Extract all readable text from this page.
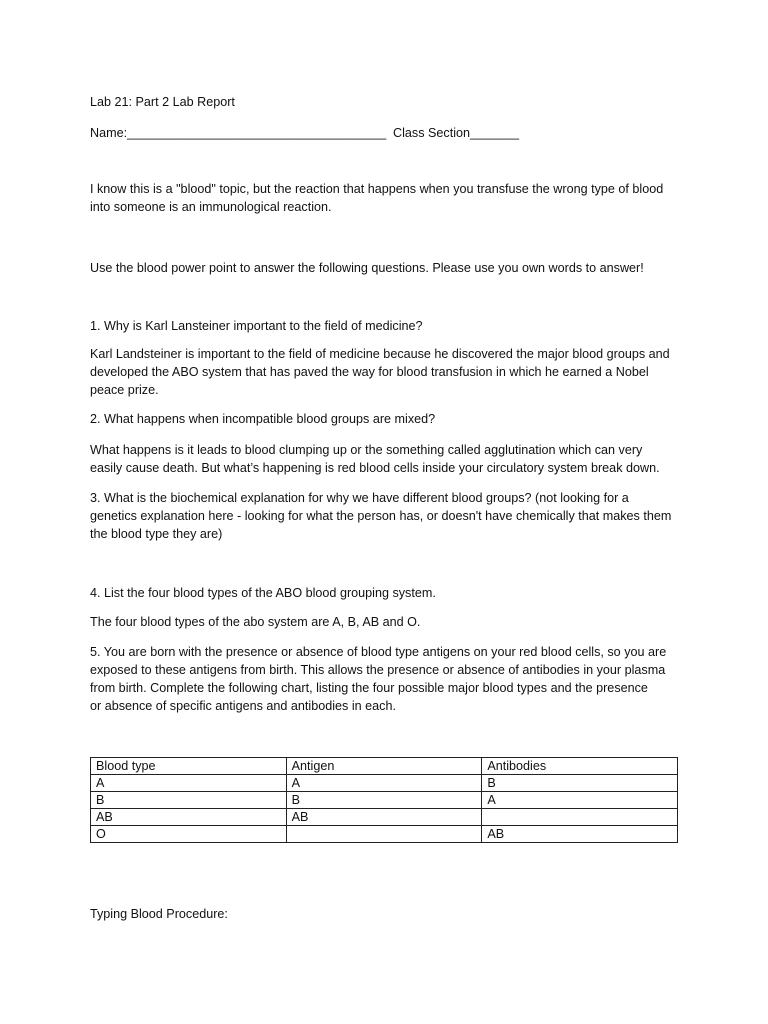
Lab 21: Part 2 Lab Report
Name:_____________________________________ Class Section_______
I know this is a "blood" topic, but the reaction that happens when you transfuse the wrong type of blood
into someone is an immunological reaction.
Use the blood power point to answer the following questions. Please use you own words to answer!
1. Why is Karl Lansteiner important to the field of medicine?
Karl Landsteiner is important to the field of medicine because he discovered the major blood groups and
developed the ABO system that has paved the way for blood transfusion in which he earned a Nobel
peace prize.
2. What happens when incompatible blood groups are mixed?
What happens is it leads to blood clumping up or the something called agglutination which can very
easily cause death. But what’s happening is red blood cells inside your circulatory system break down.
3. What is the biochemical explanation for why we have different blood groups? (not looking for a
genetics explanation here - looking for what the person has, or doesn't have chemically that makes them
the blood type they are)
4. List the four blood types of the ABO blood grouping system.
The four blood types of the abo system are A, B, AB and O.
5. You are born with the presence or absence of blood type antigens on your red blood cells, so you are
exposed to these antigens from birth. This allows the presence or absence of antibodies in your plasma
from birth. Complete the following chart, listing the four possible major blood types and the presence
or absence of specific antigens and antibodies in each.
Blood type	Antigen	Antibodies
A	A	B
B	B	A
AB	AB	
O		AB
Typing Blood Procedure:
